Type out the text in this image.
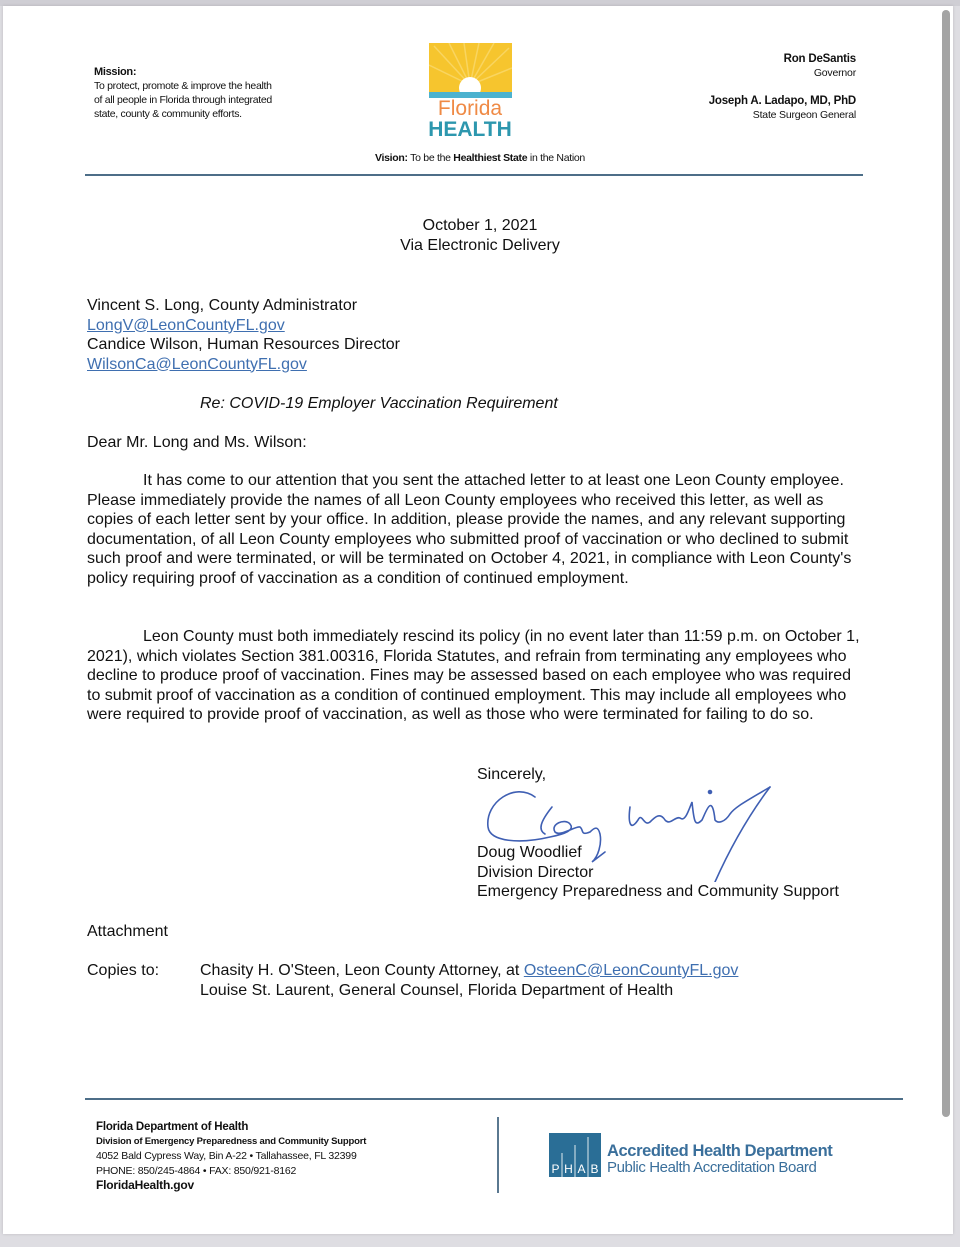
Mission:
To protect, promote & improve the health
of all people in Florida through integrated
state, county & community efforts.	Florida
HEALTH
Vision: To be the Healthiest State in the Nation
Ron DeSantis
Governor
Joseph A. Ladapo, MD, PhD
State Surgeon General
October 1, 2021
Via Electronic Delivery
Vincent S. Long, County Administrator
LongV@LeonCountyFL.gov
Candice Wilson, Human Resources Director
WilsonCa@LeonCountyFL.gov
Re: COVID-19 Employer Vaccination Requirement
Dear Mr. Long and Ms. Wilson:
It has come to our attention that you sent the attached letter to at least one Leon County employee. Please immediately provide the names of all Leon County employees who received this letter, as well as copies of each letter sent by your office. In addition, please provide the names, and any relevant supporting documentation, of all Leon County employees who submitted proof of vaccination or who declined to submit such proof and were terminated, or will be terminated on October 4, 2021, in compliance with Leon County's policy requiring proof of vaccination as a condition of continued employment.
Leon County must both immediately rescind its policy (in no event later than 11:59 p.m. on October 1, 2021), which violates Section 381.00316, Florida Statutes, and refrain from terminating any employees who decline to produce proof of vaccination. Fines may be assessed based on each employee who was required to submit proof of vaccination as a condition of continued employment. This may include all employees who were required to provide proof of vaccination, as well as those who were terminated for failing to do so.
Sincerely,
Doug Woodlief
Division Director
Emergency Preparedness and Community Support
Attachment
Copies to:	Chasity H. O'Steen, Leon County Attorney, at OsteenC@LeonCountyFL.gov
Louise St. Laurent, General Counsel, Florida Department of Health
Florida Department of Health
Division of Emergency Preparedness and Community Support
4052 Bald Cypress Way, Bin A-22 • Tallahassee, FL 32399
PHONE: 850/245-4864 • FAX: 850/921-8162
FloridaHealth.gov
P H A B
Accredited Health Department
Public Health Accreditation Board
